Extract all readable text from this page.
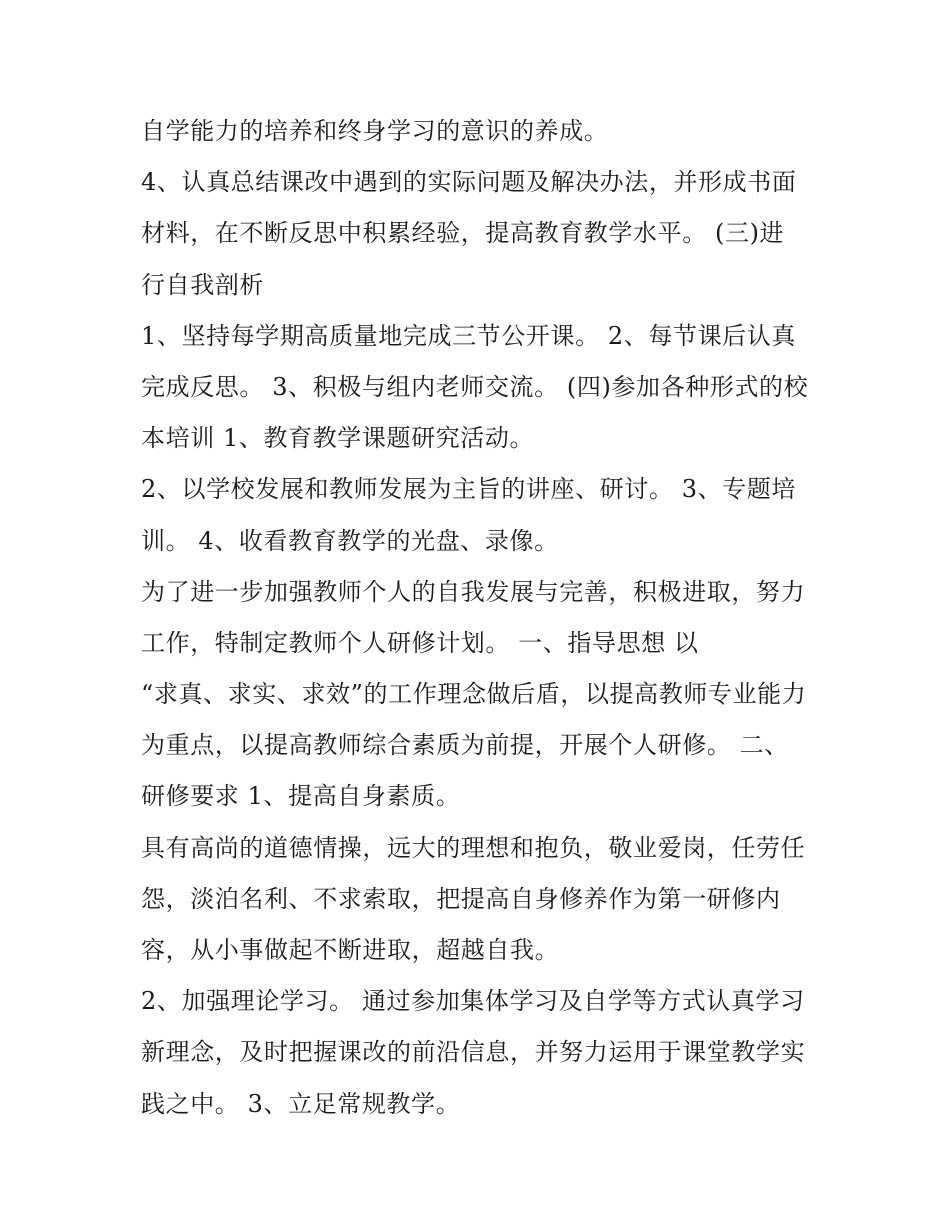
自学能力的培养和终身学习的意识的养成。
4、认真总结课改中遇到的实际问题及解决办法，并形成书面
材料，在不断反思中积累经验，提高教育教学水平。 (三)进
行自我剖析
1、坚持每学期高质量地完成三节公开课。 2、每节课后认真
完成反思。 3、积极与组内老师交流。 (四)参加各种形式的校
本培训 1、教育教学课题研究活动。
2、以学校发展和教师发展为主旨的讲座、研讨。 3、专题培
训。 4、收看教育教学的光盘、录像。
为了进一步加强教师个人的自我发展与完善，积极进取，努力
工作，特制定教师个人研修计划。 一、指导思想 以
“求真、求实、求效”的工作理念做后盾，以提高教师专业能力
为重点，以提高教师综合素质为前提，开展个人研修。 二、
研修要求 1、提高自身素质。
具有高尚的道德情操，远大的理想和抱负，敬业爱岗，任劳任
怨，淡泊名利、不求索取，把提高自身修养作为第一研修内
容，从小事做起不断进取，超越自我。
2、加强理论学习。 通过参加集体学习及自学等方式认真学习
新理念，及时把握课改的前沿信息，并努力运用于课堂教学实
践之中。 3、立足常规教学。
